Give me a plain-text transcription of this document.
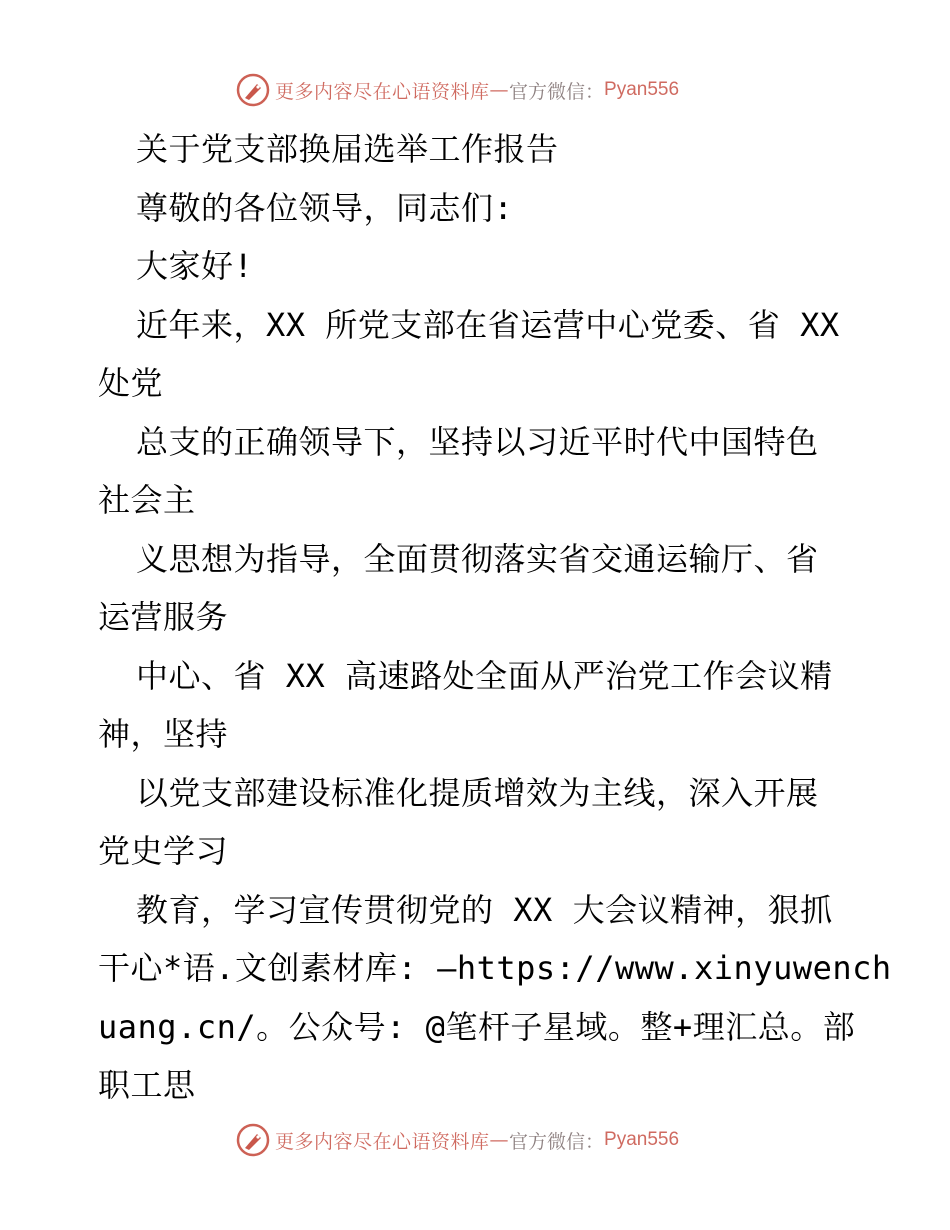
更多内容尽在心语资料库 — 官方微信： Pyan556
关于党支部换届选举工作报告
尊敬的各位领导，同志们:
大家好!
近年来，XX 所党支部在省运营中心党委、省 XX
处党
总支的正确领导下，坚持以习近平时代中国特色
社会主
义思想为指导，全面贯彻落实省交通运输厅、省
运营服务
中心、省 XX 高速路处全面从严治党工作会议精
神，坚持
以党支部建设标准化提质增效为主线，深入开展
党史学习
教育，学习宣传贯彻党的 XX 大会议精神，狠抓
干心*语.文创素材库: —https://www.xinyuwench
uang.cn/。公众号: @笔杆子星域。整+理汇总。部
职工思
更多内容尽在心语资料库 — 官方微信： Pyan556
